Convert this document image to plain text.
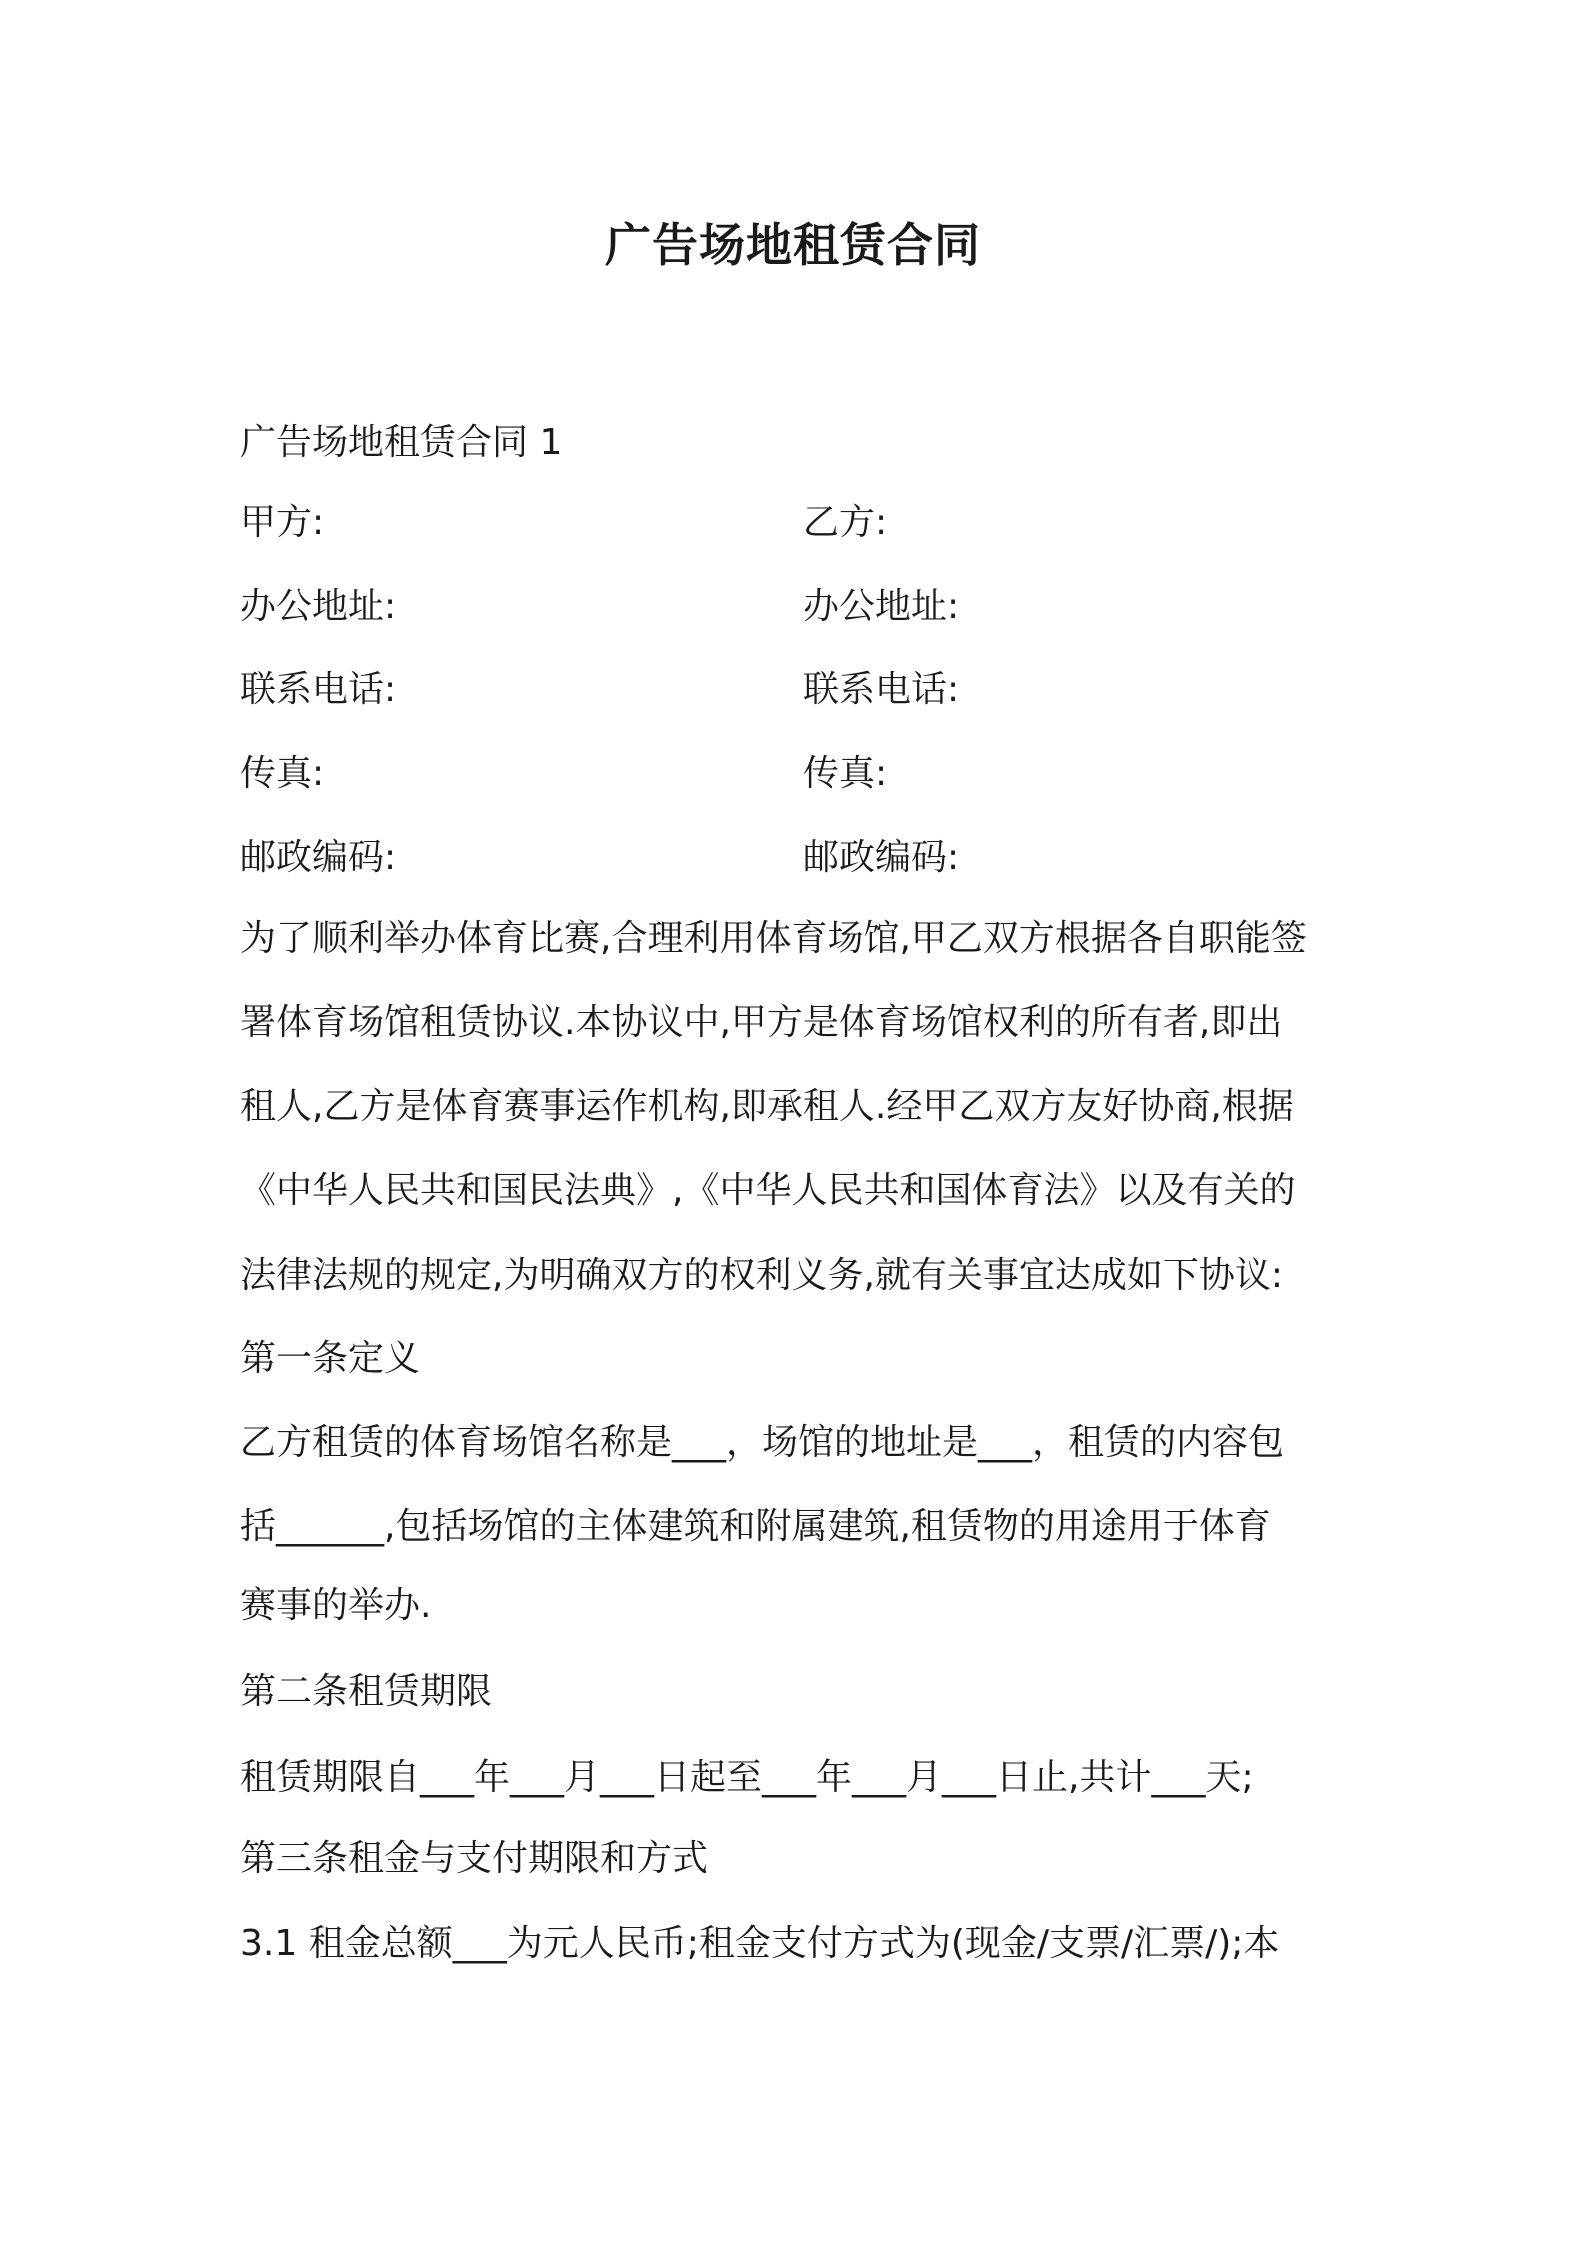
广告场地租赁合同
广告场地租赁合同 1
甲方:	乙方:
办公地址:	办公地址:
联系电话:	联系电话:
传真:	传真:
邮政编码:	邮政编码:
为了顺利举办体育比赛,合理利用体育场馆,甲乙双方根据各自职能签
署体育场馆租赁协议.本协议中,甲方是体育场馆权利的所有者,即出
租人,乙方是体育赛事运作机构,即承租人.经甲乙双方友好协商,根据
《中华人民共和国民法典》,《中华人民共和国体育法》以及有关的
法律法规的规定,为明确双方的权利义务,就有关事宜达成如下协议:
第一条定义
乙方租赁的体育场馆名称是___，场馆的地址是___，租赁的内容包
括______,包括场馆的主体建筑和附属建筑,租赁物的用途用于体育
赛事的举办.
第二条租赁期限
租赁期限自___年___月___日起至___年___月___日止,共计___天;
第三条租金与支付期限和方式
3.1 租金总额___为元人民币;租金支付方式为(现金/支票/汇票/);本
